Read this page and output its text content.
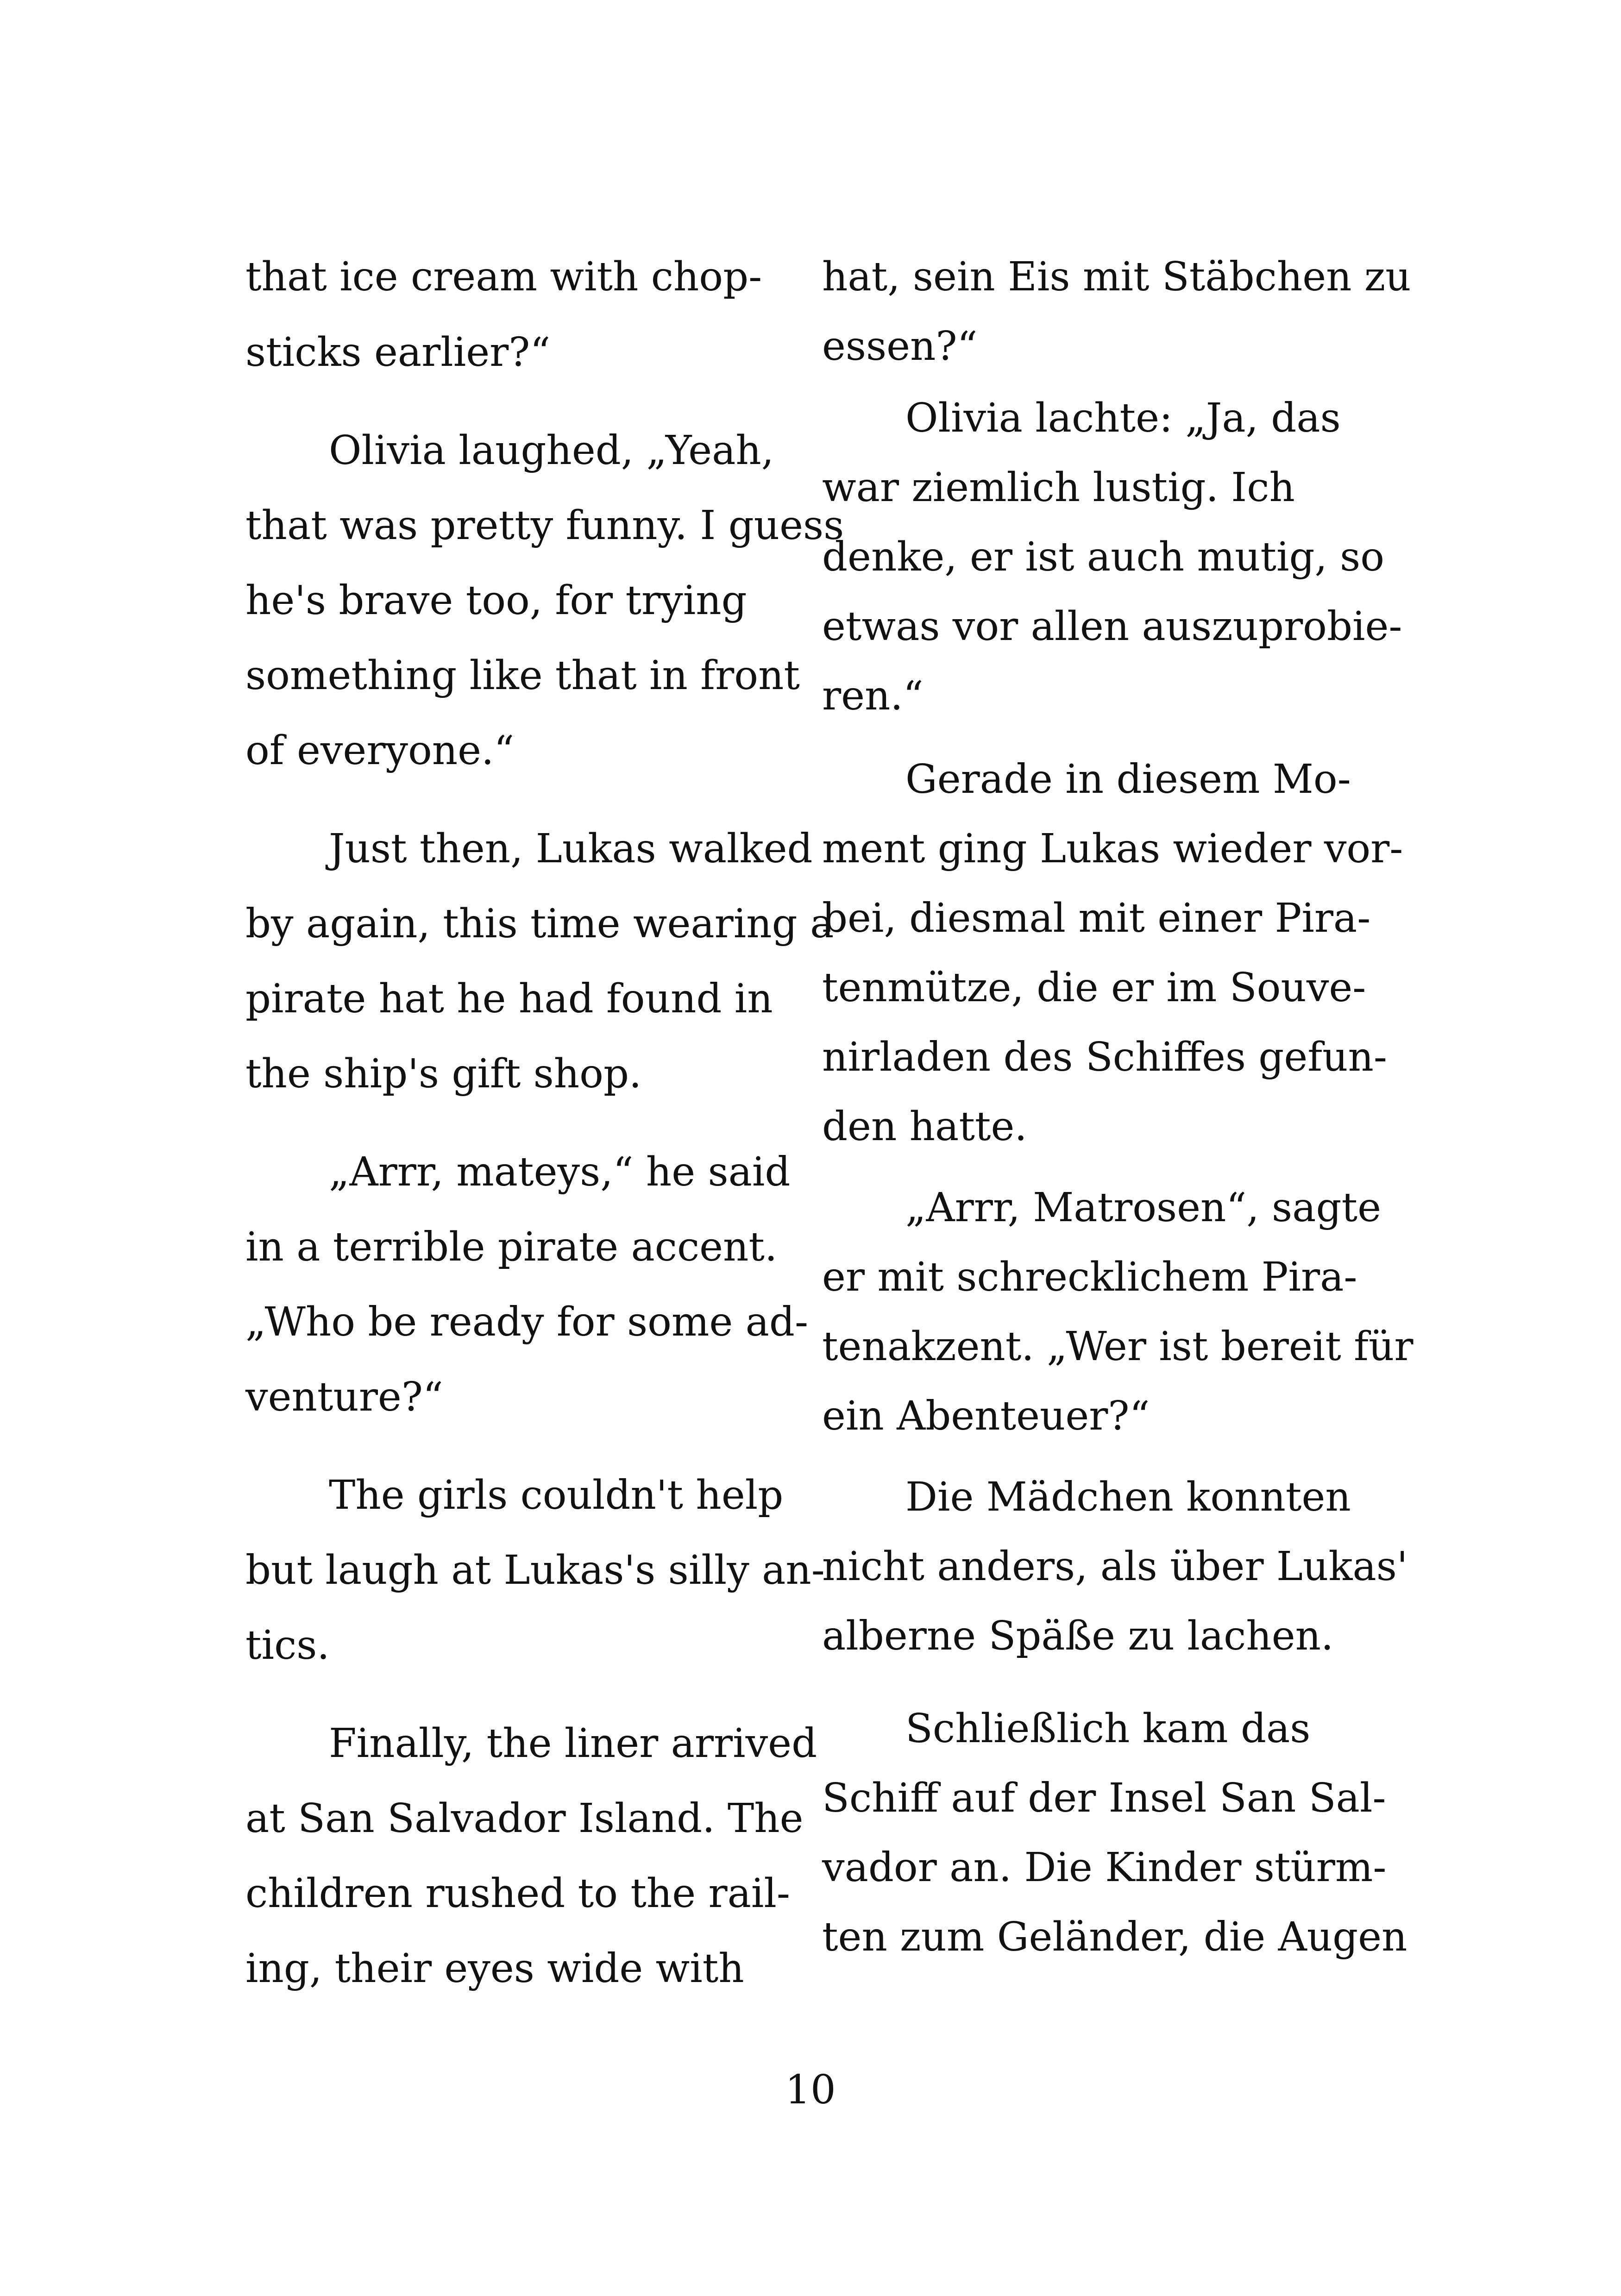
that ice cream with chop-
sticks earlier?“
Olivia laughed, „Yeah,
that was pretty funny. I guess
he's brave too, for trying
something like that in front
of everyone.“
Just then, Lukas walked
by again, this time wearing a
pirate hat he had found in
the ship's gift shop.
„Arrr, mateys,“ he said
in a terrible pirate accent.
„Who be ready for some ad-
venture?“
The girls couldn't help
but laugh at Lukas's silly an-
tics.
Finally, the liner arrived
at San Salvador Island. The
children rushed to the rail-
ing, their eyes wide with
hat, sein Eis mit Stäbchen zu
essen?“
Olivia lachte: „Ja, das
war ziemlich lustig. Ich
denke, er ist auch mutig, so
etwas vor allen auszuprobie-
ren.“
Gerade in diesem Mo-
ment ging Lukas wieder vor-
bei, diesmal mit einer Pira-
tenmütze, die er im Souve-
nirladen des Schiffes gefun-
den hatte.
„Arrr, Matrosen“, sagte
er mit schrecklichem Pira-
tenakzent. „Wer ist bereit für
ein Abenteuer?“
Die Mädchen konnten
nicht anders, als über Lukas'
alberne Späße zu lachen.
Schließlich kam das
Schiff auf der Insel San Sal-
vador an. Die Kinder stürm-
ten zum Geländer, die Augen
10
